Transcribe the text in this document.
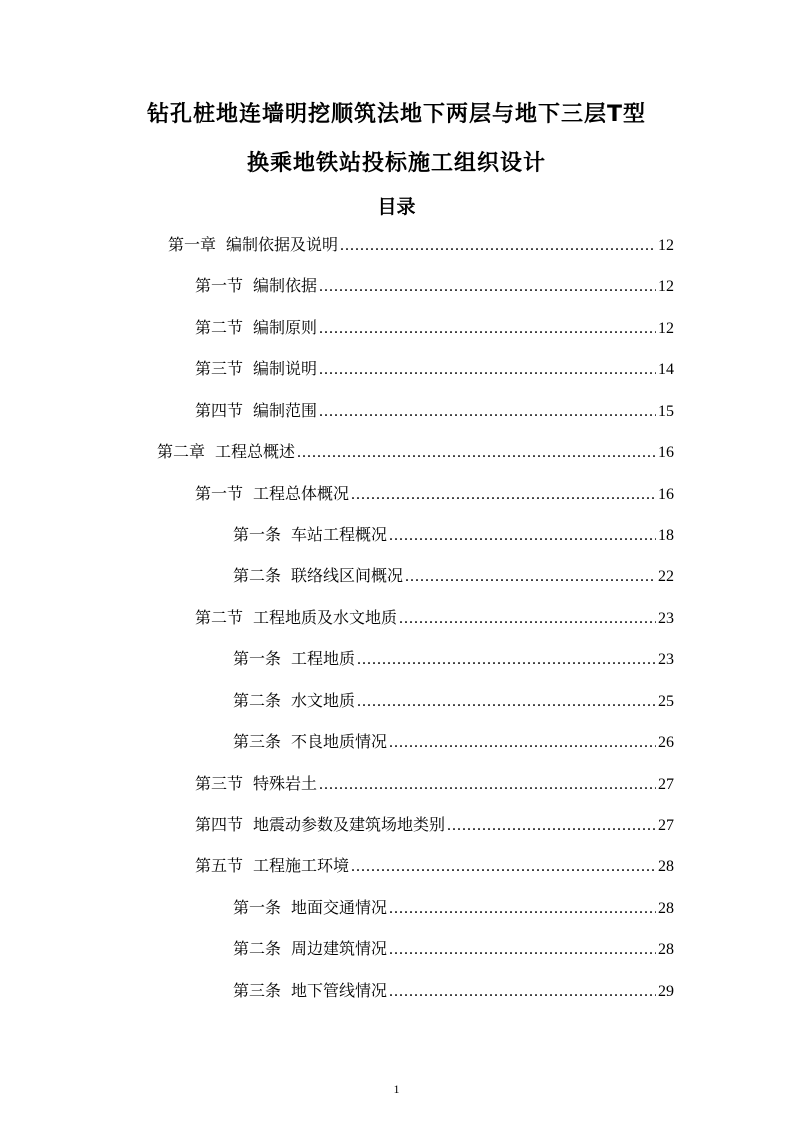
钻孔桩地连墙明挖顺筑法地下两层与地下三层T型
换乘地铁站投标施工组织设计
目录
第一章 编制依据及说明 .....	12
第一节 编制依据 .....	12
第二节 编制原则 .....	12
第三节 编制说明 .....	14
第四节 编制范围 .....	15
第二章 工程总概述 .....	16
第一节 工程总体概况 .....	16
第一条 车站工程概况 .....	18
第二条 联络线区间概况 .....	22
第二节 工程地质及水文地质 .....	23
第一条 工程地质 .....	23
第二条 水文地质 .....	25
第三条 不良地质情况 .....	26
第三节 特殊岩土 .....	27
第四节 地震动参数及建筑场地类别 .....	27
第五节 工程施工环境 .....	28
第一条 地面交通情况 .....	28
第二条 周边建筑情况 .....	28
第三条 地下管线情况 .....	29
1
